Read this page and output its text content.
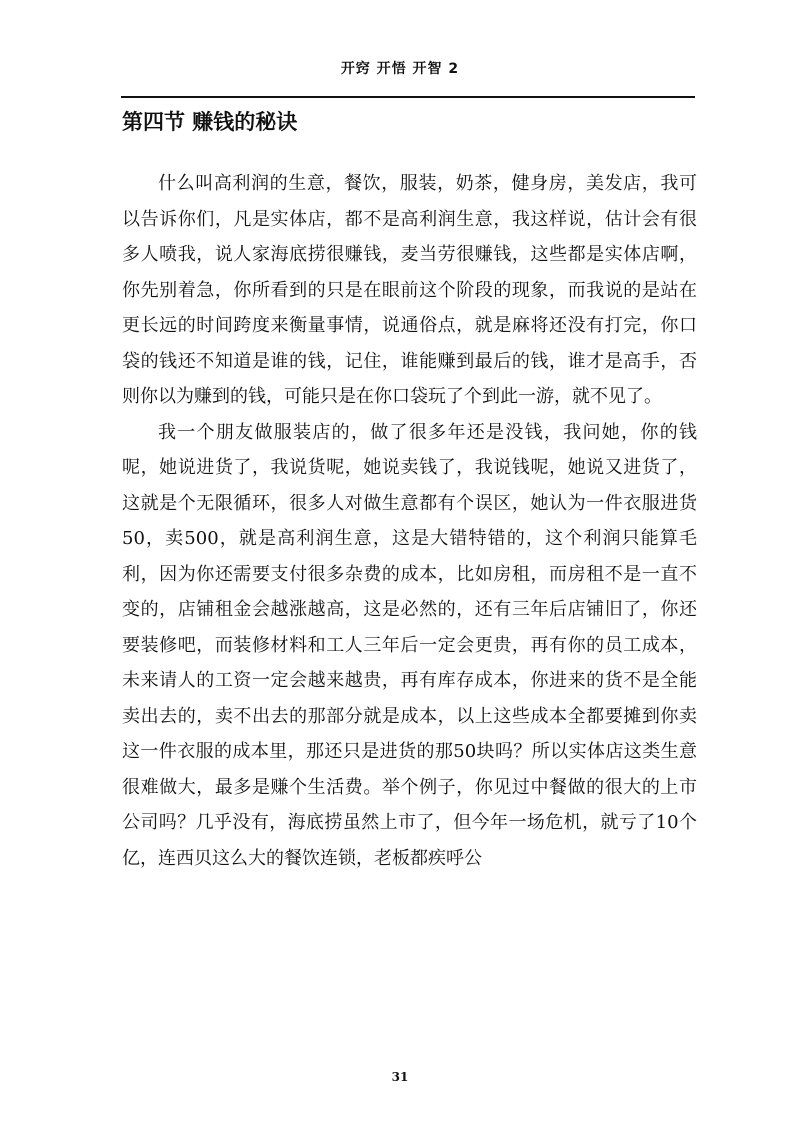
开窍 开悟 开智 2
第四节 赚钱的秘诀

什么叫高利润的生意，餐饮，服装，奶茶，健身房，美发店，我可以告诉你们，凡是实体店，都不是高利润生意，我这样说，估计会有很多人喷我，说人家海底捞很赚钱，麦当劳很赚钱，这些都是实体店啊，你先别着急，你所看到的只是在眼前这个阶段的现象，而我说的是站在更长远的时间跨度来衡量事情，说通俗点，就是麻将还没有打完，你口袋的钱还不知道是谁的钱，记住，谁能赚到最后的钱，谁才是高手，否则你以为赚到的钱，可能只是在你口袋玩了个到此一游，就不见了。

我一个朋友做服装店的，做了很多年还是没钱，我问她，你的钱呢，她说进货了，我说货呢，她说卖钱了，我说钱呢，她说又进货了，这就是个无限循环，很多人对做生意都有个误区，她认为一件衣服进货50，卖500，就是高利润生意，这是大错特错的，这个利润只能算毛利，因为你还需要支付很多杂费的成本，比如房租，而房租不是一直不变的，店铺租金会越涨越高，这是必然的，还有三年后店铺旧了，你还要装修吧，而装修材料和工人三年后一定会更贵，再有你的员工成本，未来请人的工资一定会越来越贵，再有库存成本，你进来的货不是全能卖出去的，卖不出去的那部分就是成本，以上这些成本全都要摊到你卖这一件衣服的成本里，那还只是进货的那50块吗？所以实体店这类生意很难做大，最多是赚个生活费。举个例子，你见过中餐做的很大的上市公司吗？几乎没有，海底捞虽然上市了，但今年一场危机，就亏了10个亿，连西贝这么大的餐饮连锁，老板都疾呼公

31
